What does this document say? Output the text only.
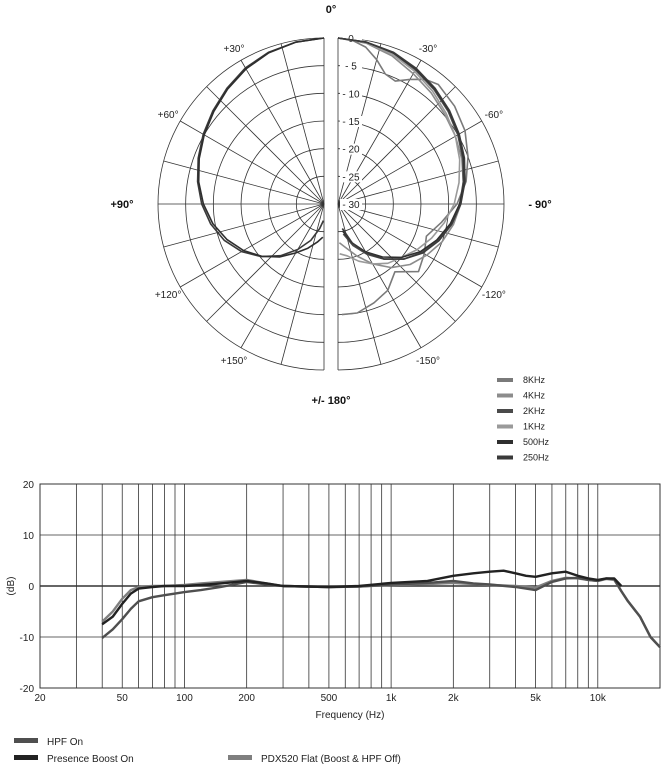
0
- 5
- 10
- 15
- 20
- 25
- 30
+30°
+60°
+120°
+150°
-30°
-60°
-120°
-150°
0°
+/- 180°
+90°	- 90°
8KHz
4KHz
2KHz
1KHz
500Hz
250Hz
20
10
0
-10
-20
20	50	100	200	500	1k	2k	5k	10k
Frequency (Hz)
(dB)
HPF On
Presence Boost On	PDX520 Flat (Boost & HPF Off)
